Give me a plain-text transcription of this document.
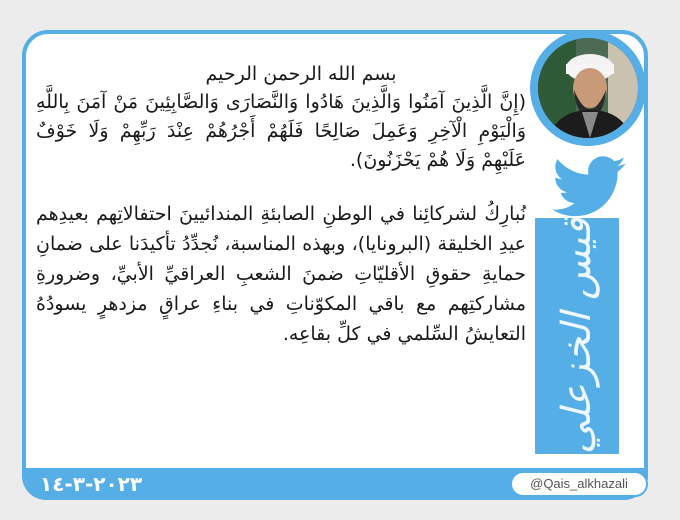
٢٠٢٣-٣-١٤	@Qais_alkhazali
قيس الخزعلي

بسم الله الرحمن الرحيم

(إِنَّ الَّذِينَ آمَنُوا وَالَّذِينَ هَادُوا وَالنَّصَارَى وَالصَّابِئِينَ مَنْ آمَنَ بِاللَّهِ وَالْيَوْمِ الْآخِرِ وَعَمِلَ صَالِحًا فَلَهُمْ أَجْرُهُمْ عِنْدَ رَبِّهِمْ وَلَا خَوْفٌ عَلَيْهِمْ وَلَا هُمْ يَحْزَنُونَ).

نُبارِكُ لشركائِنا في الوطنِ الصابئةِ المندائيينَ احتفالاتِهم بعيدِهم عيدِ الخليقة (البرونايا)، وبهذه المناسبة، نُجدِّدُ تأكيدَنا على ضمانِ حمايةِ حقوقِ الأقليّاتِ ضمنَ الشعبِ العراقيِّ الأبيِّ، وضرورةِ مشاركتِهم مع باقي المكوّناتِ في بناءِ عراقٍ مزدهرٍ يسودُهُ التعايشُ السِّلمي في كلِّ بقاعِه.
